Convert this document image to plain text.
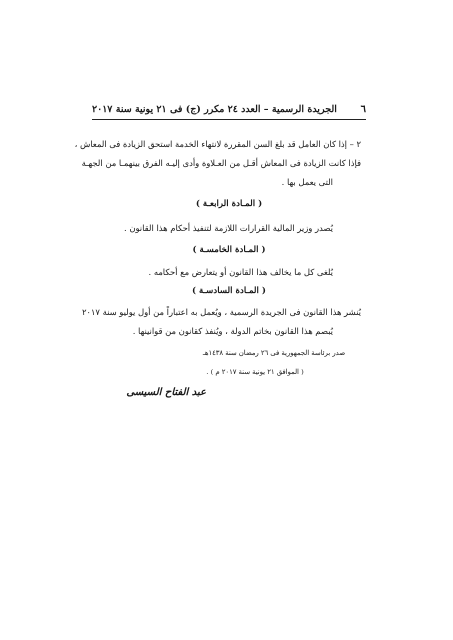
٦
الجريدة الرسمية – العدد ٢٤ مكرر (ج) فى ٢١ يونية سنة ٢٠١٧
٢ – إذا كان العامل قد بلغ السن المقررة لانتهاء الخدمة استحق الزيادة فى المعاش ،
فإذا كانت الزيادة فى المعاش أقـل من العـلاوة وأدى إليـه الفرق بينهمـا من الجهـة
التى يعمل بها .
( المـادة الرابعـة )
يُصدر وزير المالية القرارات اللازمة لتنفيذ أحكام هذا القانون .
( المـادة الخامسـة )
يُلغى كل ما يخالف هذا القانون أو يتعارض مع أحكامه .
( المـادة السادسـة )
يُنشر هذا القانون فى الجريدة الرسمية ، ويُعمل به اعتباراً من أول يوليو سنة ٢٠١٧
يُبصم هذا القانون بخاتم الدولة ، ويُنفذ كقانون من قوانينها .
صدر برئاسة الجمهورية فى ٢٦ رمضان سنة ١٤٣٨هـ
( الموافق ٢١ يونية سنة ٢٠١٧ م ) .
عبد الفتاح السيسى
